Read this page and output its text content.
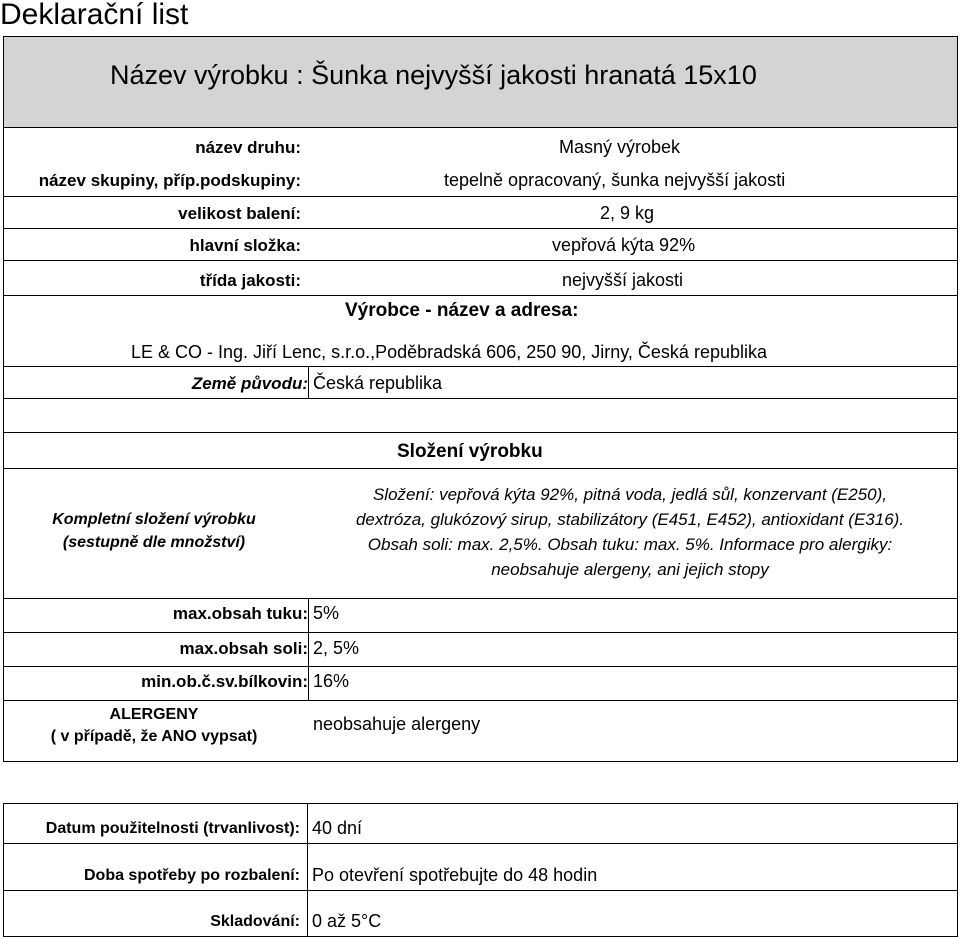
Deklarační list
Název výrobku : Šunka nejvyšší jakosti hranatá 15x10
název druhu:	Masný výrobek
název skupiny, příp.podskupiny:	tepelně opracovaný, šunka nejvyšší jakosti
velikost balení:	2, 9 kg
hlavní složka:	vepřová kýta 92%
třída jakosti:	nejvyšší jakosti
Výrobce - název a adresa:
LE & CO - Ing. Jiří Lenc, s.r.o.,Poděbradská 606, 250 90, Jirny, Česká republika
Země původu: Česká republika
Složení výrobku
Kompletní složení výrobku
(sestupně dle množství)
Složení: vepřová kýta 92%, pitná voda, jedlá sůl, konzervant (E250),
dextróza, glukózový sirup, stabilizátory (E451, E452), antioxidant (E316).
Obsah soli: max. 2,5%. Obsah tuku: max. 5%. Informace pro alergiky:
neobsahuje alergeny, ani jejich stopy
max.obsah tuku: 5%
max.obsah soli: 2, 5%
min.ob.č.sv.bílkovin: 16%
ALERGENY
( v případě, že ANO vypsat)
neobsahuje alergeny
Datum použitelnosti (trvanlivost): 40 dní
Doba spotřeby po rozbalení: Po otevření spotřebujte do 48 hodin
Skladování: 0 až 5°C
